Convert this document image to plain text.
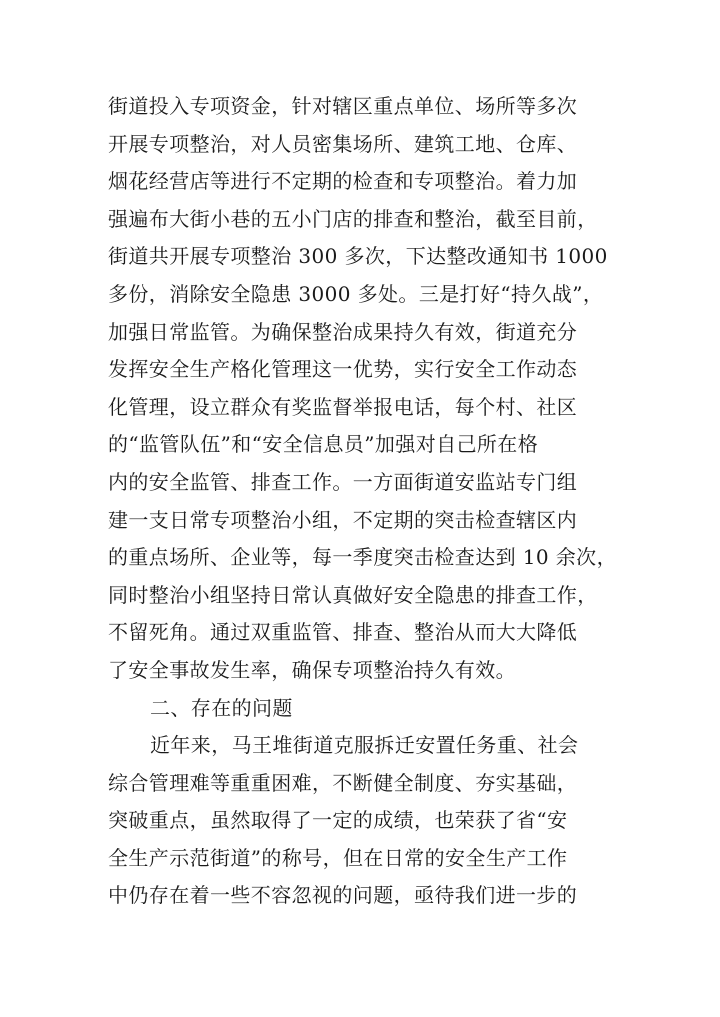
街道投入专项资金，针对辖区重点单位、场所等多次
开展专项整治，对人员密集场所、建筑工地、仓库、
烟花经营店等进行不定期的检查和专项整治。着力加
强遍布大街小巷的五小门店的排查和整治，截至目前，
街道共开展专项整治 300 多次，下达整改通知书 1000
多份，消除安全隐患 3000 多处。三是打好“持久战”，
加强日常监管。为确保整治成果持久有效，街道充分
发挥安全生产格化管理这一优势，实行安全工作动态
化管理，设立群众有奖监督举报电话，每个村、社区
的“监管队伍”和“安全信息员”加强对自己所在格
内的安全监管、排查工作。一方面街道安监站专门组
建一支日常专项整治小组，不定期的突击检查辖区内
的重点场所、企业等，每一季度突击检查达到 10 余次，
同时整治小组坚持日常认真做好安全隐患的排查工作，
不留死角。通过双重监管、排查、整治从而大大降低
了安全事故发生率，确保专项整治持久有效。
二、存在的问题
近年来，马王堆街道克服拆迁安置任务重、社会
综合管理难等重重困难，不断健全制度、夯实基础，
突破重点，虽然取得了一定的成绩，也荣获了省“安
全生产示范街道”的称号，但在日常的安全生产工作
中仍存在着一些不容忽视的问题，亟待我们进一步的
